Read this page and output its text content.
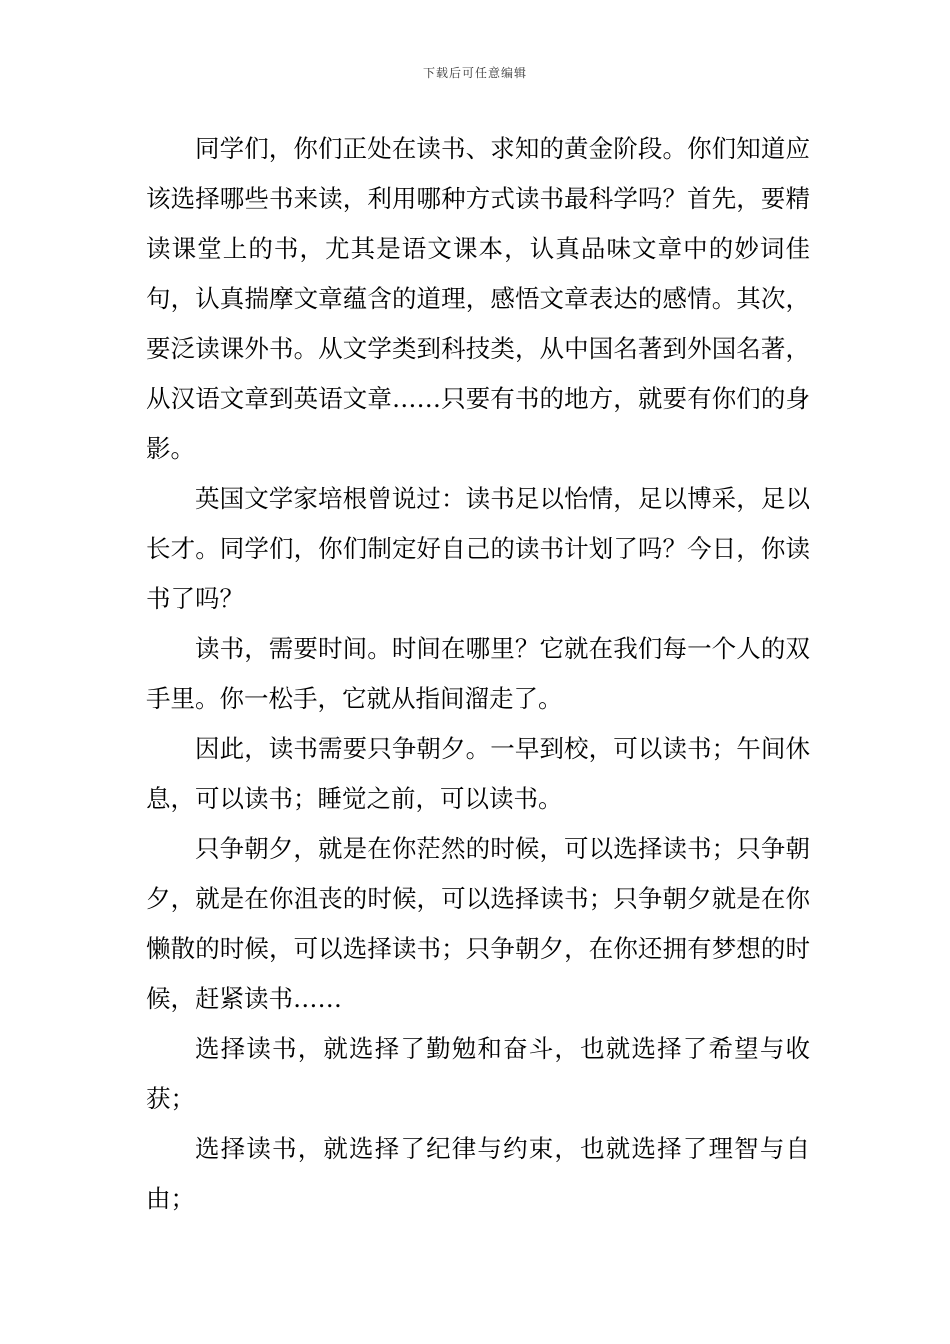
下载后可任意编辑

同学们，你们正处在读书、求知的黄金阶段。你们知道应该选择哪些书来读，利用哪种方式读书最科学吗？首先，要精读课堂上的书，尤其是语文课本，认真品味文章中的妙词佳句，认真揣摩文章蕴含的道理，感悟文章表达的感情。其次，要泛读课外书。从文学类到科技类，从中国名著到外国名著，从汉语文章到英语文章……只要有书的地方，就要有你们的身影。

英国文学家培根曾说过：读书足以怡情，足以博采，足以长才。同学们，你们制定好自己的读书计划了吗？今日，你读书了吗？

读书，需要时间。时间在哪里？它就在我们每一个人的双手里。你一松手，它就从指间溜走了。

因此，读书需要只争朝夕。一早到校，可以读书；午间休息，可以读书；睡觉之前，可以读书。

只争朝夕，就是在你茫然的时候，可以选择读书；只争朝夕，就是在你沮丧的时候，可以选择读书；只争朝夕就是在你懒散的时候，可以选择读书；只争朝夕，在你还拥有梦想的时候，赶紧读书……

选择读书，就选择了勤勉和奋斗，也就选择了希望与收获；

选择读书，就选择了纪律与约束，也就选择了理智与自由；
